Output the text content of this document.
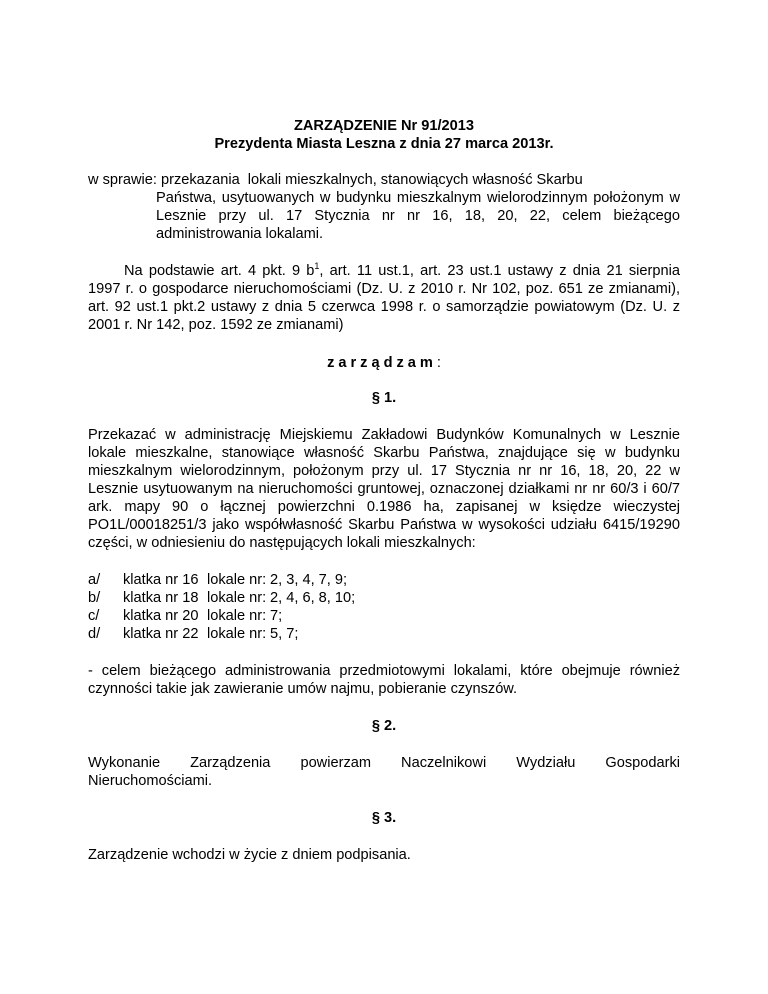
ZARZĄDZENIE Nr 91/2013
Prezydenta Miasta Leszna z dnia 27 marca 2013r.
w sprawie: przekazania  lokali mieszkalnych, stanowiących własność Skarbu
Państwa, usytuowanych w budynku mieszkalnym wielorodzinnym położonym w Lesznie przy ul. 17 Stycznia nr nr 16, 18, 20, 22, celem bieżącego administrowania lokalami.
Na podstawie art. 4 pkt. 9 $b^1$, art. 11 ust.1, art. 23 ust.1 ustawy z dnia 21 sierpnia 1997 r. o gospodarce nieruchomościami (Dz. U. z 2010 r. Nr 102, poz. 651 ze zmianami), art. 92 ust.1 pkt.2 ustawy z dnia 5 czerwca 1998 r. o samorządzie powiatowym (Dz. U. z 2001 r. Nr 142, poz. 1592 ze zmianami)
zarządzam:
§ 1.
Przekazać w administrację Miejskiemu Zakładowi Budynków Komunalnych w Lesznie lokale mieszkalne, stanowiące własność Skarbu Państwa, znajdujące się w budynku mieszkalnym wielorodzinnym, położonym przy ul. 17 Stycznia nr nr 16, 18, 20, 22 w Lesznie usytuowanym na nieruchomości gruntowej, oznaczonej działkami nr nr 60/3 i 60/7 ark. mapy 90 o łącznej powierzchni 0.1986 ha, zapisanej w księdze wieczystej PO1L/00018251/3 jako współwłasność Skarbu Państwa w wysokości udziału 6415/19290 części, w odniesieniu do następujących lokali mieszkalnych:
a/	klatka nr 16 lokale nr: 2, 3, 4, 7, 9;
b/	klatka nr 18 lokale nr: 2, 4, 6, 8, 10;
c/	klatka nr 20 lokale nr: 7;
d/	klatka nr 22 lokale nr: 5, 7;
- celem bieżącego administrowania przedmiotowymi lokalami, które obejmuje również czynności takie jak zawieranie umów najmu, pobieranie czynszów.
§ 2.
Wykonanie Zarządzenia powierzam Naczelnikowi Wydziału Gospodarki
Nieruchomościami.
§ 3.
Zarządzenie wchodzi w życie z dniem podpisania.
